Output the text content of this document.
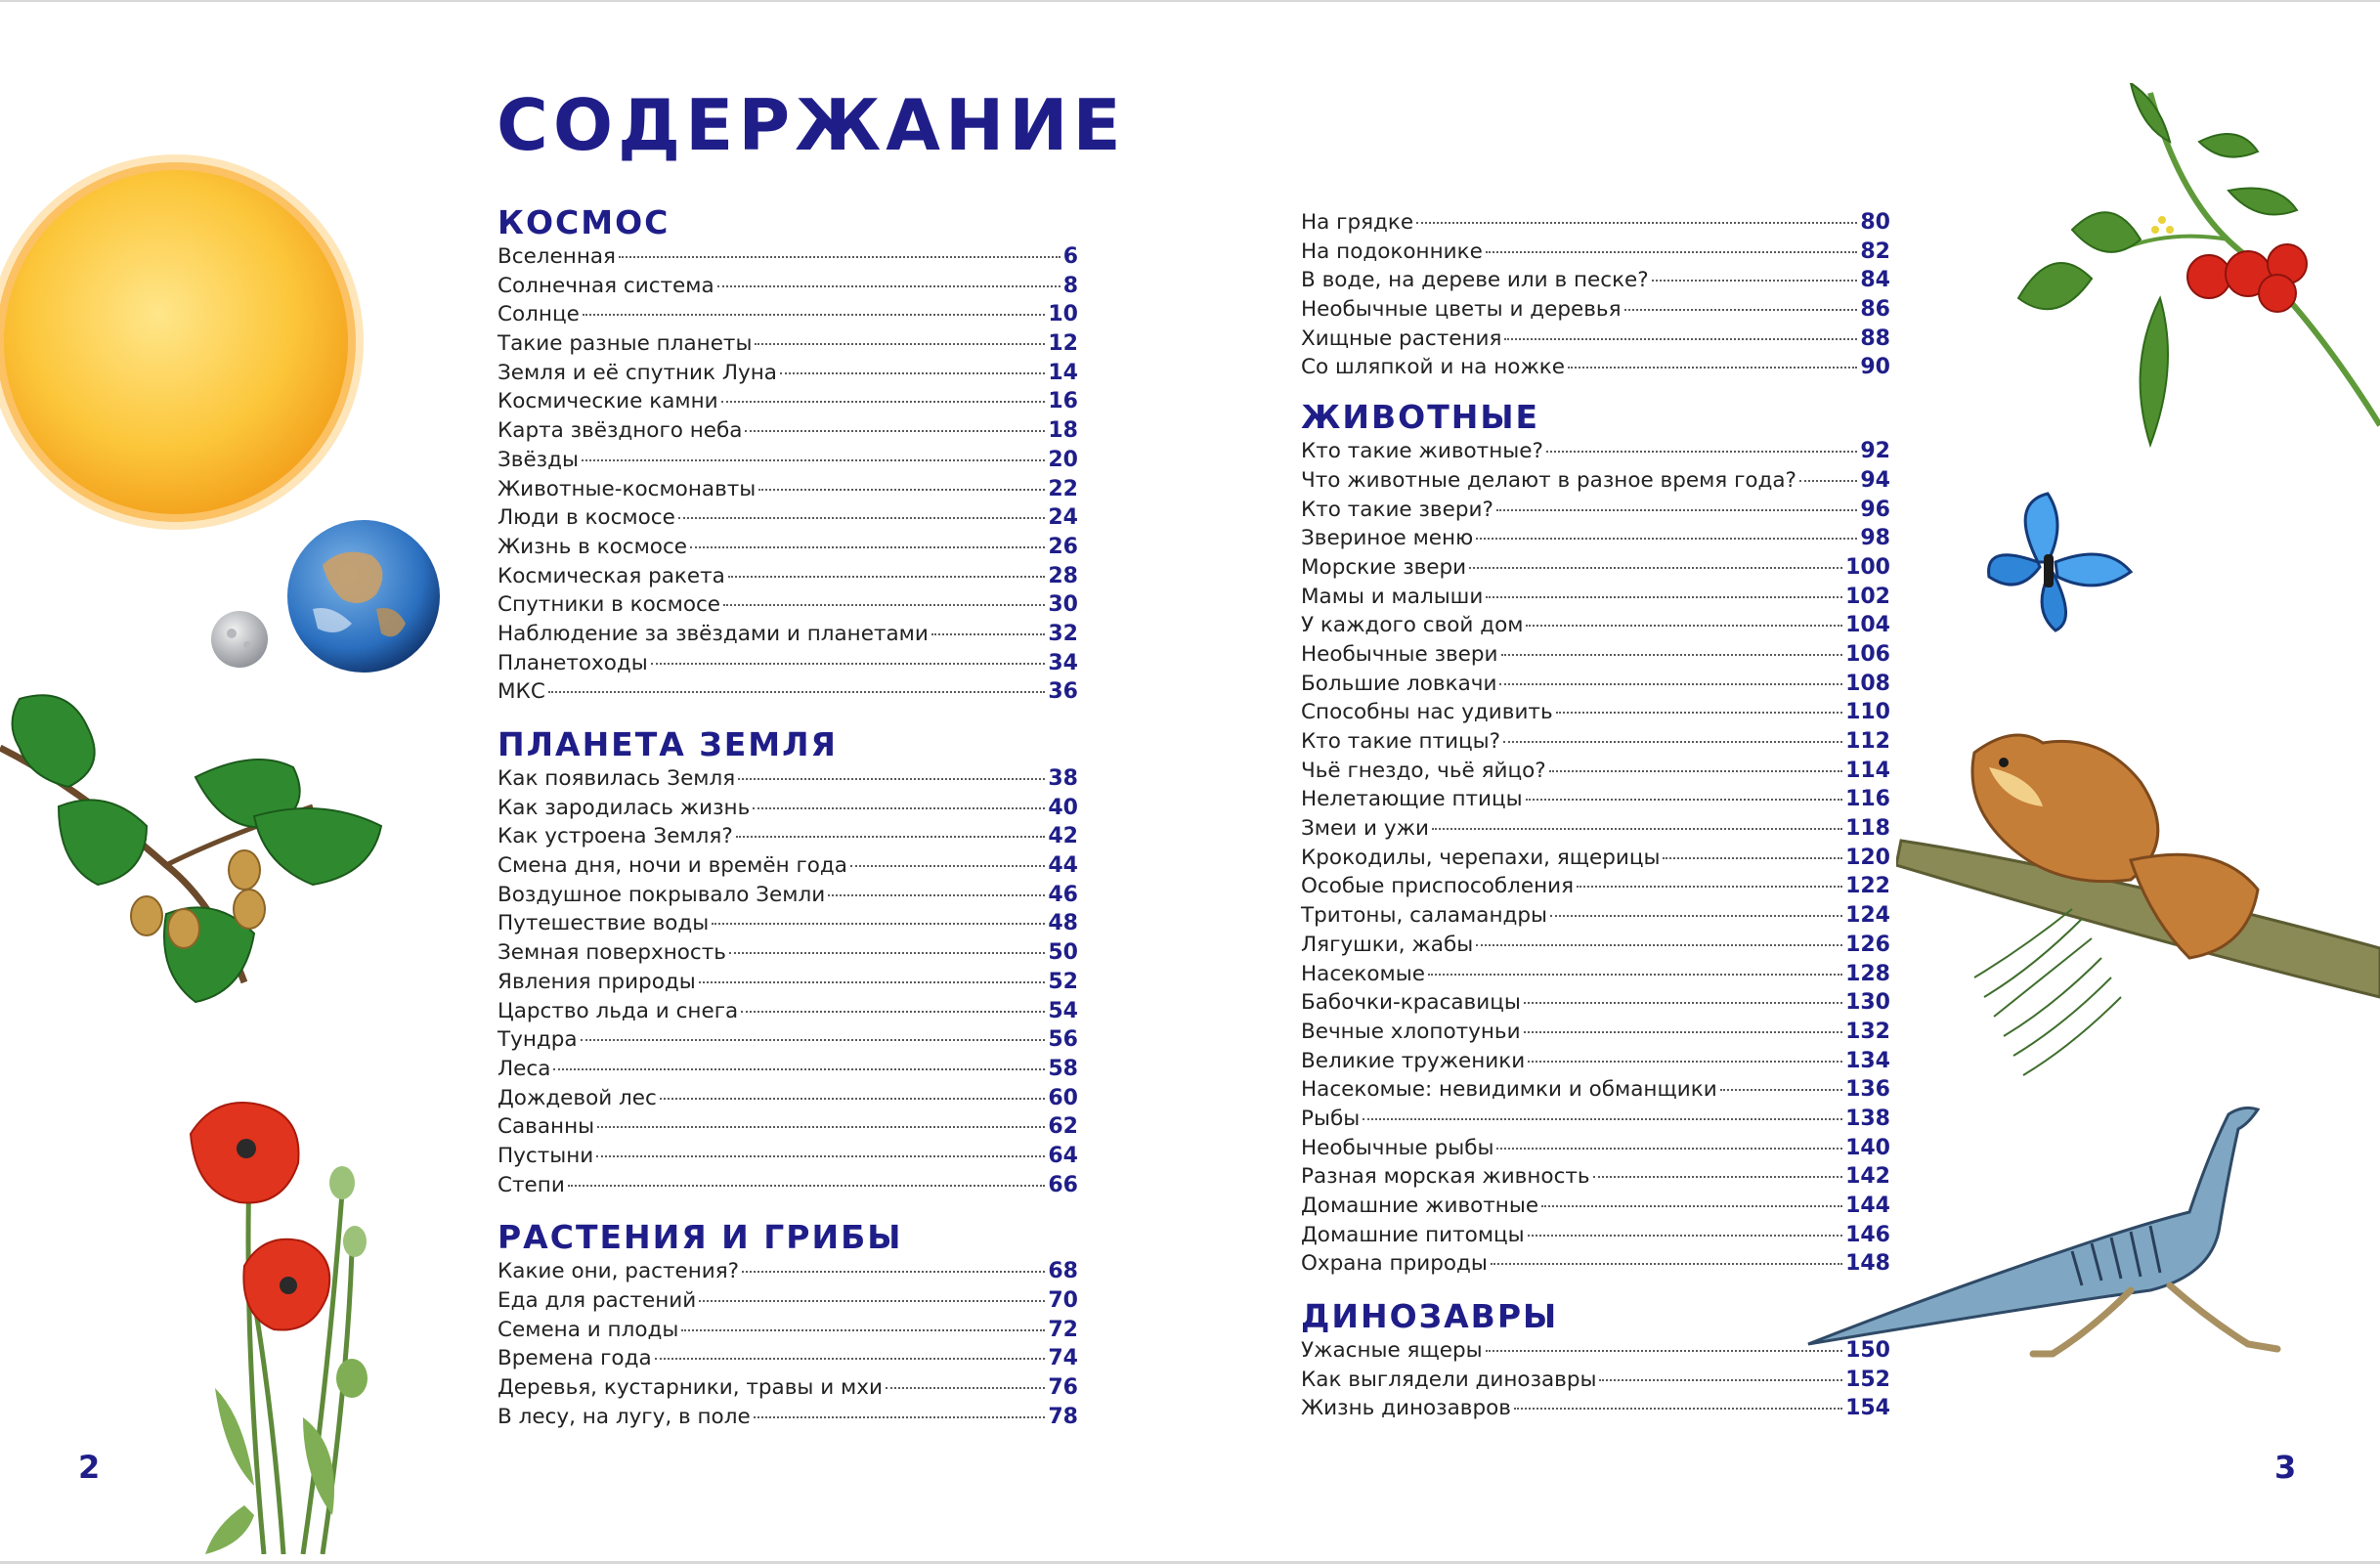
СОДЕРЖАНИЕ
КОСМОС
Вселенная	6
Солнечная система	8
Солнце	10
Такие разные планеты	12
Земля и её спутник Луна	14
Космические камни	16
Карта звёздного неба	18
Звёзды	20
Животные-космонавты	22
Люди в космосе	24
Жизнь в космосе	26
Космическая ракета	28
Спутники в космосе	30
Наблюдение за звёздами и планетами	32
Планетоходы	34
МКС	36
ПЛАНЕТА ЗЕМЛЯ
Как появилась Земля	38
Как зародилась жизнь	40
Как устроена Земля?	42
Смена дня, ночи и времён года	44
Воздушное покрывало Земли	46
Путешествие воды	48
Земная поверхность	50
Явления природы	52
Царство льда и снега	54
Тундра	56
Леса	58
Дождевой лес	60
Саванны	62
Пустыни	64
Степи	66
РАСТЕНИЯ И ГРИБЫ
Какие они, растения?	68
Еда для растений	70
Семена и плоды	72
Времена года	74
Деревья, кустарники, травы и мхи	76
В лесу, на лугу, в поле	78
На грядке	80
На подоконнике	82
В воде, на дереве или в песке?	84
Необычные цветы и деревья	86
Хищные растения	88
Со шляпкой и на ножке	90
ЖИВОТНЫЕ
Кто такие животные?	92
Что животные делают в разное время года?	94
Кто такие звери?	96
Звериное меню	98
Морские звери	100
Мамы и малыши	102
У каждого свой дом	104
Необычные звери	106
Большие ловкачи	108
Способны нас удивить	110
Кто такие птицы?	112
Чьё гнездо, чьё яйцо?	114
Нелетающие птицы	116
Змеи и ужи	118
Крокодилы, черепахи, ящерицы	120
Особые приспособления	122
Тритоны, саламандры	124
Лягушки, жабы	126
Насекомые	128
Бабочки-красавицы	130
Вечные хлопотуньи	132
Великие труженики	134
Насекомые: невидимки и обманщики	136
Рыбы	138
Необычные рыбы	140
Разная морская живность	142
Домашние животные	144
Домашние питомцы	146
Охрана природы	148
ДИНОЗАВРЫ
Ужасные ящеры	150
Как выглядели динозавры	152
Жизнь динозавров	154
2	3
